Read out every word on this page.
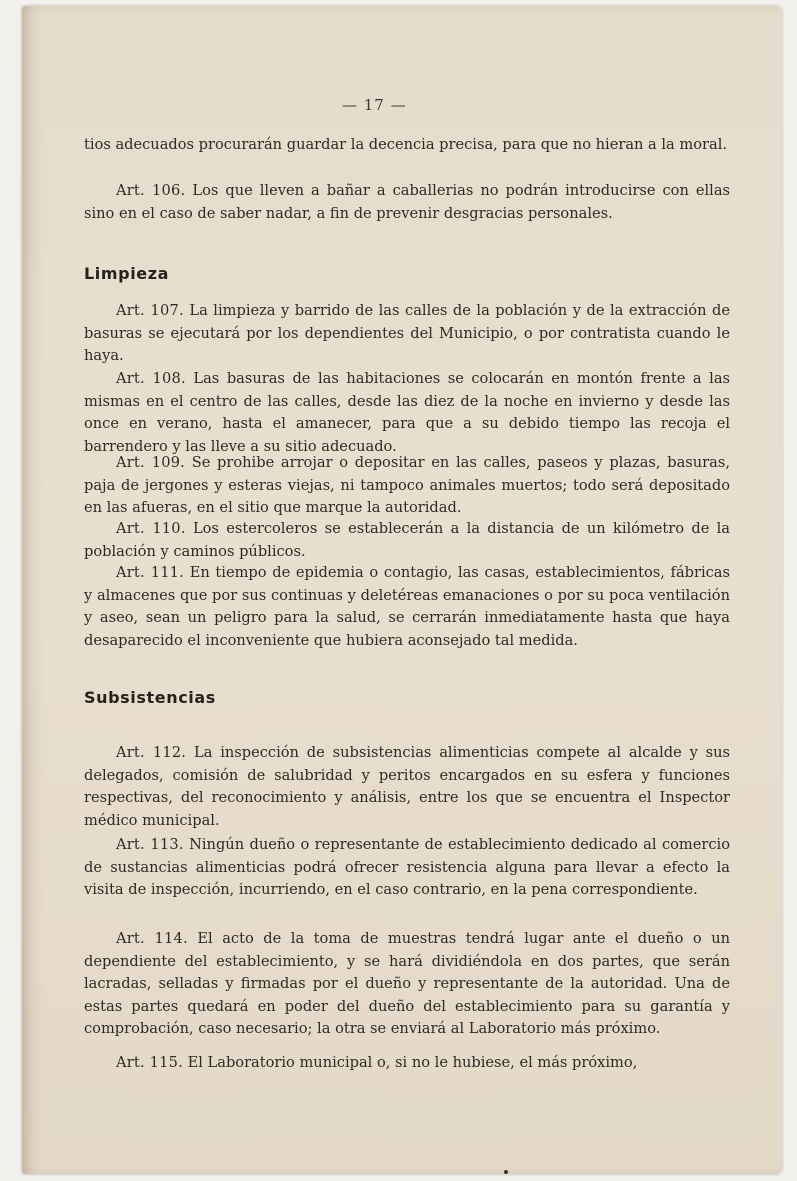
— 17 —

tios adecuados procurarán guardar la decencia precisa, para que no hieran a la moral.

Art. 106. Los que lleven a bañar a caballerias no podrán introducirse con ellas sino en el caso de saber nadar, a fin de prevenir desgracias personales.

Limpieza

Art. 107. La limpieza y barrido de las calles de la población y de la extracción de basuras se ejecutará por los dependientes del Municipio, o por contratista cuando le haya.

Art. 108. Las basuras de las habitaciones se colocarán en montón frente a las mismas en el centro de las calles, desde las diez de la noche en invierno y desde las once en verano, hasta el amanecer, para que a su debido tiempo las recoja el barrendero y las lleve a su sitio adecuado.

Art. 109. Se prohibe arrojar o depositar en las calles, paseos y plazas, basuras, paja de jergones y esteras viejas, ni tampoco animales muertos; todo será depositado en las afueras, en el sitio que marque la autoridad.

Art. 110. Los estercoleros se establecerán a la distancia de un kilómetro de la población y caminos públicos.

Art. 111. En tiempo de epidemia o contagio, las casas, establecimientos, fábricas y almacenes que por sus continuas y deletéreas emanaciones o por su poca ventilación y aseo, sean un peligro para la salud, se cerrarán inmediatamente hasta que haya desaparecido el inconveniente que hubiera aconsejado tal medida.

Subsistencias

Art. 112. La inspección de subsistencias alimenticias compete al alcalde y sus delegados, comisión de salubridad y peritos encargados en su esfera y funciones respectivas, del reconocimiento y análisis, entre los que se encuentra el Inspector médico municipal.

Art. 113. Ningún dueño o representante de establecimiento dedicado al comercio de sustancias alimenticias podrá ofrecer resistencia alguna para llevar a efecto la visita de inspección, incurriendo, en el caso contrario, en la pena correspondiente.

Art. 114. El acto de la toma de muestras tendrá lugar ante el dueño o un dependiente del establecimiento, y se hará dividiéndola en dos partes, que serán lacradas, selladas y firmadas por el dueño y representante de la autoridad. Una de estas partes quedará en poder del dueño del establecimiento para su garantía y comprobación, caso necesario; la otra se enviará al Laboratorio más próximo.

Art. 115. El Laboratorio municipal o, si no le hubiese, el más próximo,
